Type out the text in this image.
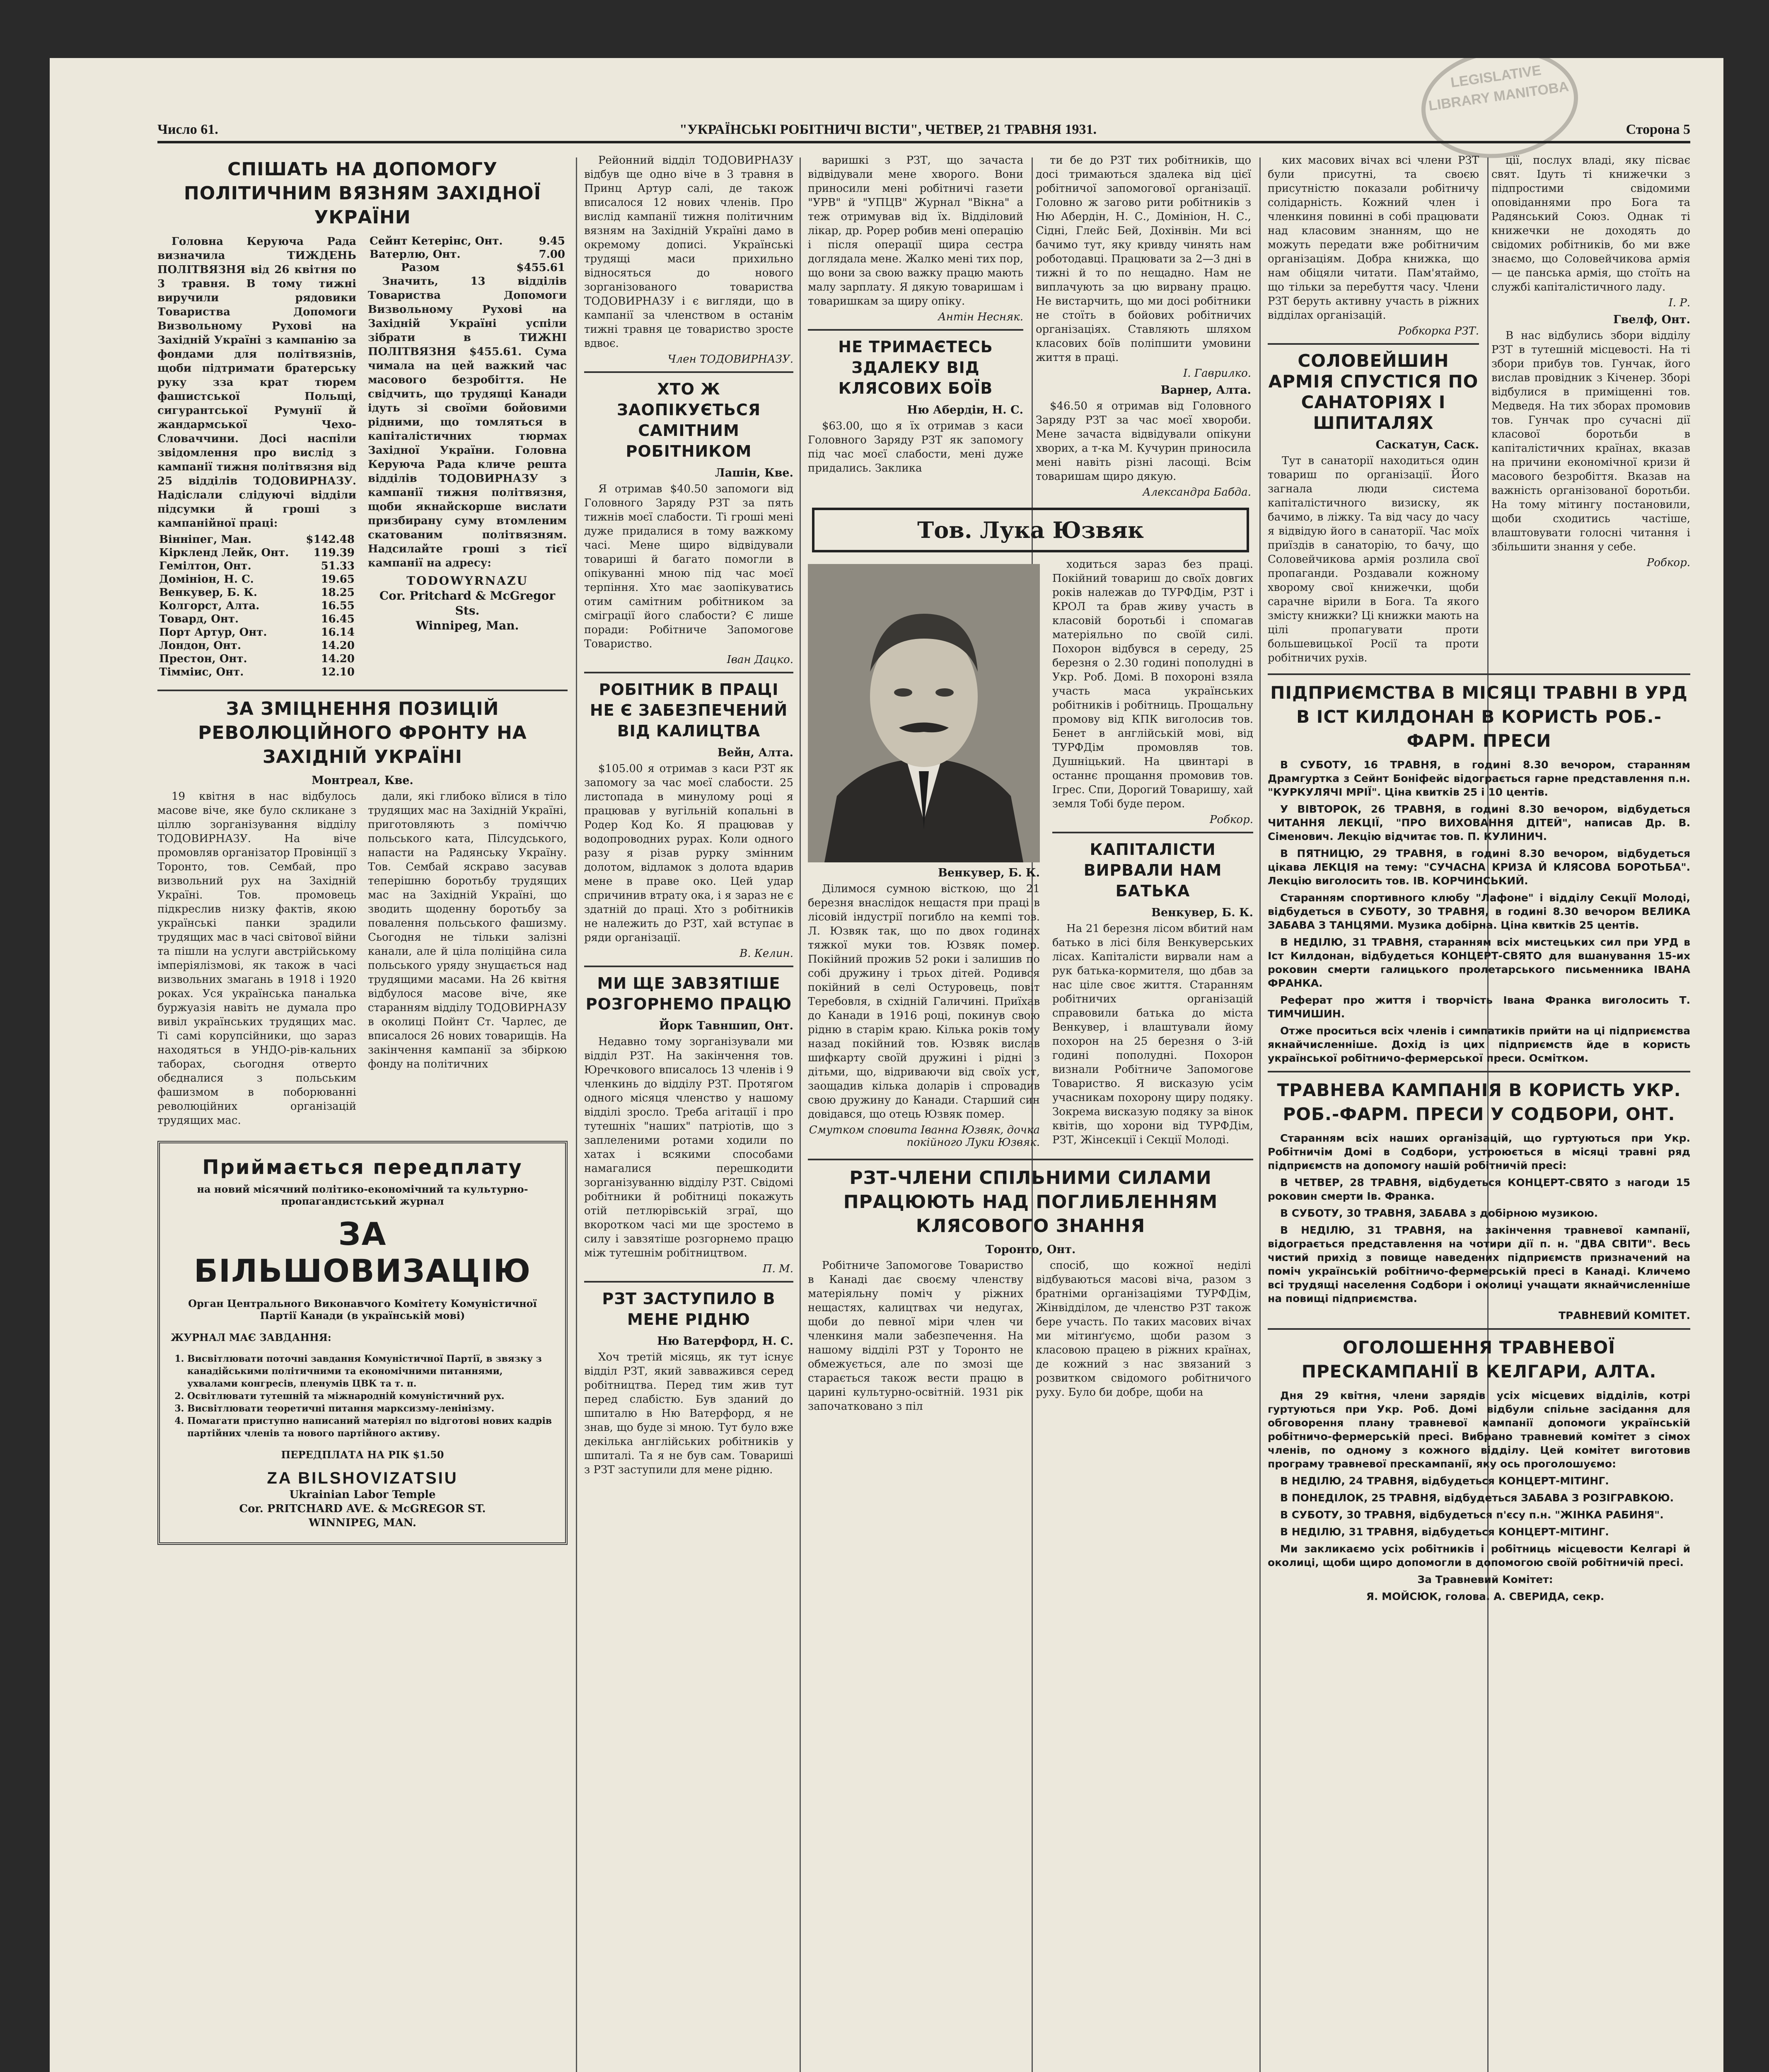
LEGISLATIVE LIBRARY MANITOBA
Число 61.	"УКРАЇНСЬКІ РОБІТНИЧІ ВІСТИ", ЧЕТВЕР, 21 ТРАВНЯ 1931.	Сторона 5
СПІШАТЬ НА ДОПОМОГУ ПОЛІТИЧНИМ ВЯЗНЯМ ЗАХІДНОЇ УКРАЇНИ

Головна Керуюча Рада визначила ТИЖДЕНЬ ПОЛІТВЯЗНЯ від 26 квітня по 3 травня. В тому тижні виручили рядовики Товариства Допомоги Визвольному Рухові на Західній Україні з кампанію за фондами для політвязнів, щоби підтримати братерську руку зза крат тюрем фашистської Польщі, сигурантської Румунії й жандармської Чехо-Словаччини. Досі наспіли звідомлення про вислід з кампанії тижня політвязня від 25 відділів ТОДОВИРНАЗУ. Надіслали слідуючі відділи підсумки й гроші з кампанійної праці:

Вінніпег, Ман.	$142.48
Кіркленд Лейк, Онт.	119.39
Гемілтон, Онт.	51.33
Домініон, Н. С.	19.65
Венкувер, Б. К.	18.25
Колгорст, Алта.	16.55
Товард, Онт.	16.45
Порт Артур, Онт.	16.14
Лондон, Онт.	14.20
Престон, Онт.	14.20
Тімміис, Онт.	12.10
Сейнт Кетерінс, Онт.	9.45
Ватерлю, Онт.	7.00
Разом	$455.61

Значить, 13 відділів Товариства Допомоги Визвольному Рухові на Західній Україні успіли зібрати в ТИЖНІ ПОЛІТВЯЗНЯ $455.61. Сума чимала на цей важкий час масового безробіття. Не свідчить, що трудящі Канади ідуть зі своїми бойовими рідними, що томляться в капіталістичних тюрмах Західної України. Головна Керуюча Рада кличе решта відділів ТОДОВИРНАЗУ з кампанії тижня політвязня, щоби якнайскорше вислати призбирану суму втомленим скатованим політвязням. Надсилайте гроші з тієї кампанії на адресу:

TODOWYRNAZU
Cor. Pritchard & McGregor Sts.
Winnipeg, Man.
ЗА ЗМІЦНЕННЯ ПОЗИЦІЙ РЕВОЛЮЦІЙНОГО ФРОНТУ НА ЗАХІДНІЙ УКРАЇНІ
Монтреал, Кве.

19 квітня в нас відбулось масове віче, яке було скликане з ціллю зорганізування відділу ТОДОВИРНАЗУ. На віче промовляв організатор Провінції з Торонто, тов. Сембай, про визвольний рух на Західній Україні. Тов. промовець підкреслив низку фактів, якою українські панки зрадили трудящих мас в часі світової війни та пішли на услуги австрійському імперіялізмові, як також в часі визвольних змагань в 1918 і 1920 роках. Уся українська паналька буржуазія навіть не думала про вивіл українських трудящих мас. Ті самі корупсійники, що зараз находяться в УНДО-рів-кальних таборах, сьогодня отверто обєдналися з польським фашизмом в поборюванні революційних організацій трудящих мас.

дали, які глибоко вїлися в тіло трудящих мас на Західній Україні, приготовляють з поміччю польського ката, Пілсудського, напасти на Радянську Україну. Тов. Сембай яскраво засував теперішню боротьбу трудящих мас на Західній Україні, що зводить щоденну боротьбу за повалення польського фашизму. Сьогодня не тільки залізні канали, але й ціла поліційна сила польського уряду знущається над трудящими масами. На 26 квітня відбулося масове віче, яке старанням відділу ТОДОВИРНАЗУ в околиці Пойнт Ст. Чарлес, де вписалося 26 нових товарищів. На закінчення кампанії за збіркою фонду на політичних

Приймається передплату
на новий місячний політико-економічний та культурно-пропагандистський журнал
ЗА БІЛЬШОВИЗАЦІЮ
Орган Центрального Виконавчого Комітету Комуністичної Партії Канади (в українській мові)
ЖУРНАЛ МАЄ ЗАВДАННЯ:
1. Висвітлювати поточні завдання Комуністичної Партії, в звязку з канадійськими політичними та економічними питаннями, ухвалами конгресів, пленумів ЦВК та т. п.
2. Освітлювати тутешній та міжнародній комуністичний рух.
3. Висвітлювати теоретичні питання марксизму-ленінізму.
4. Помагати приступно написаний матеріял по відготові нових кадрів партійних членів та нового партійного активу.
ПЕРЕДПЛАТА НА РІК $1.50
ZA BILSHOVIZATSIU
Ukrainian Labor Temple
Cor. PRITCHARD AVE. & McGREGOR ST.
WINNIPEG, MAN.

Рейонний відділ ТОДОВИРНАЗУ відбув ще одно віче в 3 травня в Принц Артур салі, де також вписалося 12 нових членів. Про вислід кампанії тижня політичним вязням на Західній Україні дамо в окремому дописі. Українські трудящі маси прихильно відносяться до нового зорганізованого товариства ТОДОВИРНАЗУ і є вигляди, що в кампанії за членством в останім тижні травня це товариство зросте вдвоє.

Член ТОДОВИРНАЗУ.
ХТО Ж ЗАОПІКУЄТЬСЯ САМІТНИМ РОБІТНИКОМ
Лашін, Кве.

Я отримав $40.50 запомоги від Головного Заряду РЗТ за пять тижнів моєї слабости. Ті гроші мені дуже придалися в тому важкому часі. Мене щиро відвідували товариші й багато помогли в опікуванні мною під час моєї терпіння. Хто має заопікуватись отим самітним робітником за сміграції його слабости? Є лише поради: Робітниче Запомогове Товариство.

Іван Дацко.
РОБІТНИК В ПРАЦІ НЕ Є ЗАБЕЗПЕЧЕНИЙ ВІД КАЛИЦТВА
Вейн, Алта.

$105.00 я отримав з каси РЗТ як запомогу за час моєї слабости. 25 листопада в минулому році я працював у вугільній копальні в Родер Код Ко. Я працював у водопроводних рурах. Коли одного разу я різав рурку змінним долотом, відламок з долота вдарив мене в праве око. Цей удар спричинив втрату ока, і я зараз не є здатній до праці. Хто з робітників не належить до РЗТ, хай вступає в ряди організації.

В. Келин.
МИ ЩЕ ЗАВЗЯТІШЕ РОЗГОРНЕМО ПРАЦЮ
Йорк Тавншип, Онт.

Недавно тому зорганізували ми відділ РЗТ. На закінчення тов. Юречкового вписалось 13 членів і 9 членкинь до відділу РЗТ. Протягом одного місяця членство у нашому відділі зросло. Треба агітації і про тутешніх "наших" патріотів, що з заплеленими ротами ходили по хатах і всякими способами намагалися перешкодити зорганізуванню відділу РЗТ. Свідомі робітники й робітниці покажуть отій петлюрівській зграї, що вкоротком часі ми ще зростемо в силу і завзятіше розгорнемо працю між тутешнім робітництвом.

П. М.
РЗТ ЗАСТУПИЛО В МЕНЕ РІДНЮ
Ню Ватерфорд, Н. С.

Хоч третій місяць, як тут існує відділ РЗТ, який завважився серед робітництва. Перед тим жив тут перед слабістю. Був зданий до шпиталю в Ню Ватерфорд, я не знав, що буде зі мною. Тут було вже декілька англійських робітників у шпиталі. Та я не був сам. Товариші з РЗТ заступили для мене рідню.

варишкі з РЗТ, що зачаста відвідували мене хворого. Вони приносили мені робітничі газети "УРВ" й "УПЦВ" Журнал "Вікна" а теж отримував від їх. Відділовий лікар, др. Рорер робив мені операцію і після операції щира сестра доглядала мене. Жалко мені тих пор, що вони за свою важку працю мають малу зарплату. Я дякую товаришам і товаришкам за щиру опіку.

Антін Несняк.
НЕ ТРИМАЄТЕСЬ ЗДАЛЕКУ ВІД КЛЯСОВИХ БОЇВ
Ню Абердін, Н. С.

$63.00, що я їх отримав з каси Головного Заряду РЗТ як запомогу під час моєї слабости, мені дуже придались. Заклика

ти бе до РЗТ тих робітників, що досі тримаються здалека від цієї робітничої запомогової організації. Головно ж загово рити робітників з Ню Абердін, Н. С., Домініон, Н. С., Сідні, Глейс Бей, Дохінвін. Ми всі бачимо тут, яку кривду чинять нам роботодавці. Працювати за 2—3 дні в тижні й то по нещадно. Нам не виплачують за цю вирвану працю. Не вистарчить, що ми досі робітники не стоїть в бойових робітничих організаціях. Ставляють шляхом класових боїв поліпшити умовини життя в праці.

І. Гаврилко.
Варнер, Алта.

$46.50 я отримав від Головного Заряду РЗТ за час моєї хвороби. Мене зачаста відвідували опікуни хворих, а т-ка М. Кучурин приносила мені навіть різні ласощі. Всім товаришам щиро дякую.

Александра Бабда.
Тов. Лука Юзвяк
Венкувер, Б. К.

Ділимося сумною вісткою, що 21 березня внаслідок нещастя при праці в лісовій індустрії погибло на кемпі тов. Л. Юзвяк так, що по двох годинах тяжкої муки тов. Юзвяк помер. Покійний прожив 52 роки і залишив по собі дружину і трьох дітей. Родився покійний в селі Остуровець, повіт Теребовля, в східній Галичині. Приїхав до Канади в 1916 році, покинув свою рідню в старім краю. Кілька років тому назад покійний тов. Юзвяк вислав шифкарту своїй дружині і рідні з дітьми, що, відриваючи від своїх уст, заощадив кілька доларів і спровадив свою дружину до Канади. Старший син довідався, що отець Юзвяк помер.

Смутком сповита Іванна Юзвяк, дочка покійного Луки Юзвяк.

ходиться зараз без праці. Покійний товариш до своїх довгих років належав до ТУРФДім, РЗТ і КРОЛ та брав живу участь в класовій боротьбі і спомагав матеріяльно по своїй силі. Похорон відбувся в середу, 25 березня о 2.30 годині пополудні в Укр. Роб. Домі. В похороні взяла участь маса українських робітників і робітниць. Прощальну промову від КПК виголосив тов. Бенет в англійській мові, від ТУРФДім промовляв тов. Душніцький. На цвинтарі в останнє прощання промовив тов. Ігрес. Спи, Дорогий Товаришу, хай земля Тобі буде пером.

Робкор.
КАПІТАЛІСТИ ВИРВАЛИ НАМ БАТЬКА
Венкувер, Б. К.

На 21 березня лісом вбитий нам батько в лісі біля Венкуверських лісах. Капіталісти вирвали нам а рук батька-кормителя, що дбав за нас ціле своє життя. Старанням робітничих організацій справовили батька до міста Венкувер, і влаштували йому похорон на 25 березня о 3-ій годині пополудні. Похорон визнали Робітниче Запомогове Товариство. Я висказую усім учасникам похорону щиру подяку. Зокрема висказую подяку за вінок квітів, що хорони від ТУРФДім, РЗТ, Жінсекції і Секції Молоді.

РЗТ-ЧЛЕНИ СПІЛЬНИМИ СИЛАМИ ПРАЦЮЮТЬ НАД ПОГЛИБЛЕННЯМ КЛЯСОВОГО ЗНАННЯ
Торонто, Онт.

Робітниче Запомогове Товариство в Канаді дає своєму членству матеріяльну поміч у ріжних нещастях, калицтвах чи недугах, щоби до певної міри член чи членкиня мали забезпечення. На нашому відділі РЗТ у Торонто не обмежується, але по змозі ще старається також вести працю в царині культурно-освітній. 1931 рік започатковано з піл

спосіб, що кожної неділі відбуваються масові віча, разом з братніми організаціями ТУРФДім, Жінвідділом, де членство РЗТ також бере участь. По таких масових вічах ми мітинґуємо, щоби разом з класовою працею в ріжних країнах, де кожний з нас звязаний з розвитком свідомого робітничого руху. Було би добре, щоби на

ких масових вічах всі члени РЗТ були присутні, та своєю присутністю показали робітничу солідарність. Кожний член і членкиня повинні в собі працювати над класовим знанням, що не можуть передати вже робітничим організаціям. Добра книжка, що нам обіцяли читати. Пам'ятаймо, що тільки за перебуття часу. Члени РЗТ беруть активну участь в ріжних відділах організацій.

Робкорка РЗТ.
СОЛОВЕЙШИН АРМІЯ СПУСТІСЯ ПО САНАТОРІЯХ І ШПИТАЛЯХ
Саскатун, Саск.

Тут в санаторії находиться один товариш по організації. Його загнала люди система капіталістичного визиску, як бачимо, в ліжку. Та від часу до часу я відвідую його в санаторії. Час моїх приїздів в санаторію, то бачу, що Соловейчикова армія розлила свої пропаганди. Роздавали кожному хворому свої книжечки, щоби сарачне вірили в Бога. Та якого змісту книжки? Ці книжки мають на цілі пропагувати проти большевицької Росії та проти робітничих рухів.

ції, послух владі, яку пісває свят. Ідуть ті книжечки з підпростими свідомими оповіданнями про Бога та Радянський Союз. Однак ті книжечки не доходять до свідомих робітників, бо ми вже знаємо, що Соловейчикова армія — це панська армія, що стоїть на службі капіталістичного ладу.

І. Р.
Гвелф, Онт.

В нас відбулись збори відділу РЗТ в тутешній місцевості. На ті збори прибув тов. Гунчак, його вислав провідник з Кіченер. Зборі відбулися в приміщенні тов. Медведя. На тих зборах промовив тов. Гунчак про сучасні дії класової боротьби в капіталістичних країнах, вказав на причини економічної кризи й масового безробіття. Вказав на важність організованої боротьби. На тому мітингу постановили, щоби сходитись частіше, влаштовувати голосні читання і збільшити знання у себе.

Робкор.
ПІДПРИЄМСТВА В МІСЯЦІ ТРАВНІ В УРД В ІСТ КИЛДОНАН В КОРИСТЬ РОБ.-ФАРМ. ПРЕСИ

В СУБОТУ, 16 ТРАВНЯ, в годині 8.30 вечором, старанням Драмгуртка з Сейнт Боніфейс відограється гарне представлення п.н. "КУРКУЛЯЧІ МРІЇ". Ціна квитків 25 і 10 центів.

У ВІВТОРОК, 26 ТРАВНЯ, в годині 8.30 вечором, відбудеться ЧИТАННЯ ЛЕКЦІЇ, "ПРО ВИХОВАННЯ ДІТЕЙ", написав Др. В. Сіменович. Лекцію відчитає тов. П. КУЛИНИЧ.

В ПЯТНИЦЮ, 29 ТРАВНЯ, в годині 8.30 вечором, відбудеться цікава ЛЕКЦІЯ на тему: "СУЧАСНА КРИЗА Й КЛЯСОВА БОРОТЬБА". Лекцію виголосить тов. ІВ. КОРЧИНСЬКИЙ.

Старанням спортивного клюбу "Лафоне" і відділу Секції Молоді, відбудеться в СУБОТУ, 30 ТРАВНЯ, в годині 8.30 вечором ВЕЛИКА ЗАБАВА З ТАНЦЯМИ. Музика добірна. Ціна квитків 25 центів.

В НЕДІЛЮ, 31 ТРАВНЯ, старанням всіх мистецьких сил при УРД в Іст Килдонан, відбудеться КОНЦЕРТ-СВЯТО для вшанування 15-их роковин смерти галицького пролетарського письменника ІВАНА ФРАНКА.

Реферат про життя і творчість Івана Франка виголосить Т. ТИМЧИШИН.

Отже проситься всіх членів і симпатиків прийти на ці підприємства якнайчисленніше. Дохід із цих підприємств йде в користь української робітничо-фермерської преси. Осмітком.

ТРАВНЕВА КАМПАНІЯ В КОРИСТЬ УКР. РОБ.-ФАРМ. ПРЕСИ У СОДБОРИ, ОНТ.

Старанням всіх наших організацій, що гуртуються при Укр. Робітничім Домі в Содбори, устроюється в місяці травні ряд підприємств на допомогу нашій робітничій пресі:

В ЧЕТВЕР, 28 ТРАВНЯ, відбудеться КОНЦЕРТ-СВЯТО з нагоди 15 роковин смерти Ів. Франка.

В СУБОТУ, 30 ТРАВНЯ, ЗАБАВА з добірною музикою.

В НЕДІЛЮ, 31 ТРАВНЯ, на закінчення травневої кампанії, відограється представлення на чотири дії п. н. "ДВА СВІТИ". Весь чистий прихід з повище наведених підприємств призначений на поміч українській робітничо-фермерській пресі в Канаді. Кличемо всі трудящі населення Содбори і околиці учащати якнайчисленніше на повищі підприємства.

ТРАВНЕВИЙ КОМІТЕТ.

ОГОЛОШЕННЯ ТРАВНЕВОЇ ПРЕСКАМПАНІЇ В КЕЛГАРИ, АЛТА.

Дня 29 квітня, члени зарядів усіх місцевих відділів, котрі гуртуються при Укр. Роб. Домі відбули спільне засідання для обговорення плану травневої кампанії допомоги українській робітничо-фермерській пресі. Вибрано травневий комітет з сімох членів, по одному з кожного відділу. Цей комітет виготовив програму травневої прескампанії, яку ось проголошуємо:

В НЕДІЛЮ, 24 ТРАВНЯ, відбудеться КОНЦЕРТ-МІТИНГ.

В ПОНЕДІЛОК, 25 ТРАВНЯ, відбудеться ЗАБАВА З РОЗІГРАВКОЮ.

В СУБОТУ, 30 ТРАВНЯ, відбудеться п'єсу п.н. "ЖІНКА РАБИНЯ".

В НЕДІЛЮ, 31 ТРАВНЯ, відбудеться КОНЦЕРТ-МІТИНГ.

Ми закликаємо усіх робітників і робітниць місцевости Келгарі й околиці, щоби щиро допомогли в допомогою своїй робітничій пресі.

За Травневий Комітет:

Я. МОЙСЮК, голова. А. СВЕРИДА, секр.
